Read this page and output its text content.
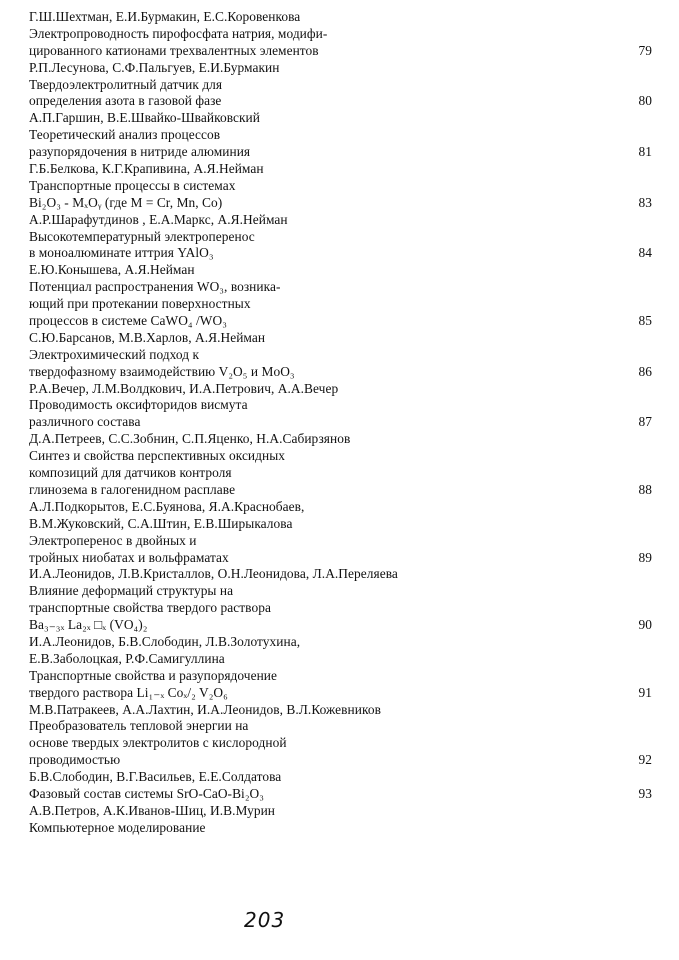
Г.Ш.Шехтман, Е.И.Бурмакин, Е.С.Коровенкова
Электропроводность пирофосфата натрия, модифи-
цированного катионами трехвалентных элементов	79
Р.П.Лесунова, С.Ф.Пальгуев, Е.И.Бурмакин
Твердоэлектролитный датчик для
определения азота в газовой фазе	80
А.П.Гаршин, В.Е.Швайко-Швайковский
Теоретический анализ процессов
разупорядочения в нитриде алюминия	81
Г.Б.Белкова, К.Г.Крапивина, А.Я.Нейман
Транспортные процессы в системах
Bi₂O₃ - MₓOᵧ (где M = Cr, Mn, Co)	83
А.Р.Шарафутдинов , Е.А.Маркс, А.Я.Нейман
Высокотемпературный электроперенос
в моноалюминате иттрия YAlO₃	84
Е.Ю.Конышева, А.Я.Нейман
Потенциал распространения WO₃, возника-
ющий при протекании поверхностных
процессов в системе CaWO₄ /WO₃	85
С.Ю.Барсанов, М.В.Харлов, А.Я.Нейман
Электрохимический подход к
твердофазному взаимодействию V₂O₅ и MoO₃	86
Р.А.Вечер, Л.М.Волдкович, И.А.Петрович, А.А.Вечер
Проводимость оксифторидов висмута
различного состава	87
Д.А.Петреев, С.С.Зобнин, С.П.Яценко, Н.А.Сабирзянов
Синтез и свойства перспективных оксидных
композиций для датчиков контроля
глинозема в галогенидном расплаве	88
А.Л.Подкорытов, Е.С.Буянова, Я.А.Краснобаев,
В.М.Жуковский, С.А.Штин, Е.В.Ширыкалова
Электроперенос в двойных и
тройных ниобатах и вольфраматах	89
И.А.Леонидов, Л.В.Кристаллов, О.Н.Леонидова, Л.А.Переляева
Влияние деформаций структуры на
транспортные свойства твердого раствора
Ba₃₋₃ₓ La₂ₓ □ₓ (VO₄)₂	90
И.А.Леонидов, Б.В.Слободин, Л.В.Золотухина,
Е.В.Заболоцкая, Р.Ф.Самигуллина
Транспортные свойства и разупорядочение
твердого раствора Li₁₋ₓ Coₓ/₂ V₂O₆	91
М.В.Патракеев, А.А.Лахтин, И.А.Леонидов, В.Л.Кожевников
Преобразователь тепловой энергии на
основе твердых электролитов с кислородной
проводимостью	92
Б.В.Слободин, В.Г.Васильев, Е.Е.Солдатова
Фазовый состав системы SrO-CaO-Bi₂O₃	93
А.В.Петров, А.К.Иванов-Шиц, И.В.Мурин
Компьютерное моделирование
203
